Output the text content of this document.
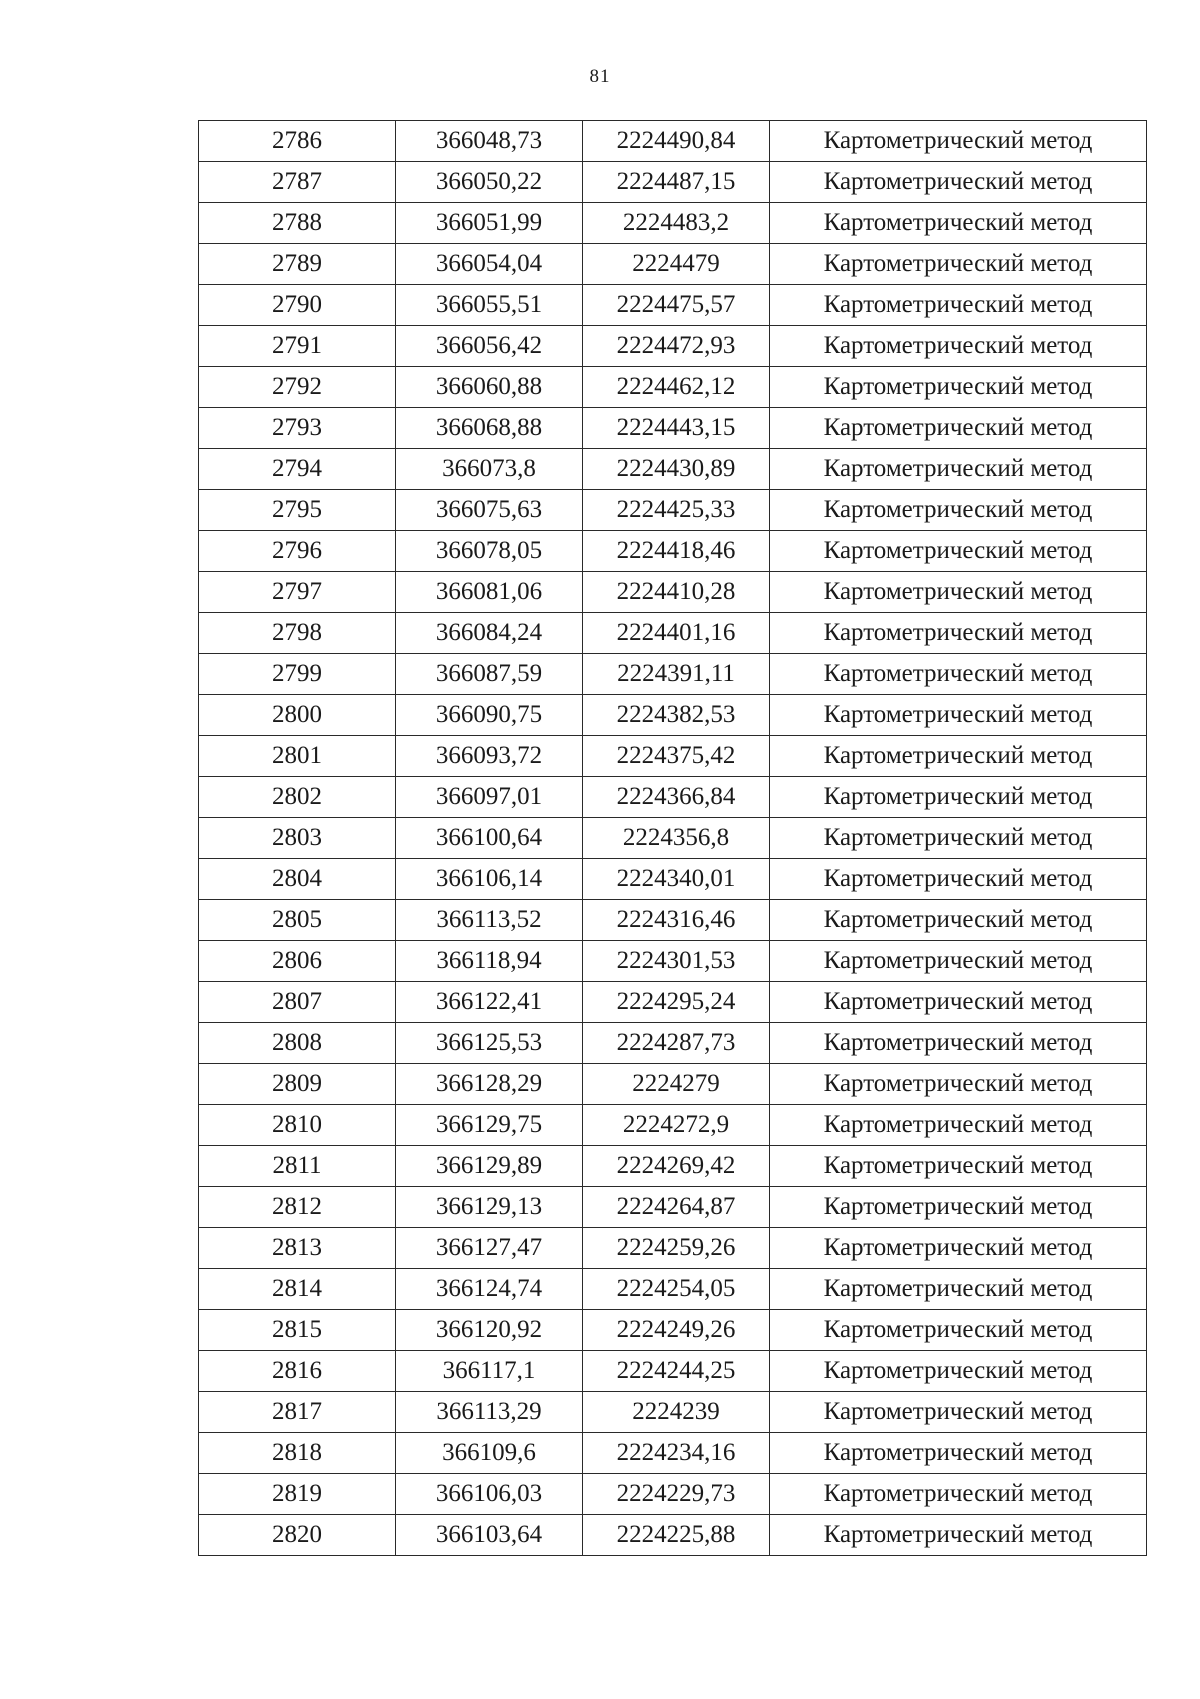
81
2786	366048,73	2224490,84	Картометрический метод
2787	366050,22	2224487,15	Картометрический метод
2788	366051,99	2224483,2	Картометрический метод
2789	366054,04	2224479	Картометрический метод
2790	366055,51	2224475,57	Картометрический метод
2791	366056,42	2224472,93	Картометрический метод
2792	366060,88	2224462,12	Картометрический метод
2793	366068,88	2224443,15	Картометрический метод
2794	366073,8	2224430,89	Картометрический метод
2795	366075,63	2224425,33	Картометрический метод
2796	366078,05	2224418,46	Картометрический метод
2797	366081,06	2224410,28	Картометрический метод
2798	366084,24	2224401,16	Картометрический метод
2799	366087,59	2224391,11	Картометрический метод
2800	366090,75	2224382,53	Картометрический метод
2801	366093,72	2224375,42	Картометрический метод
2802	366097,01	2224366,84	Картометрический метод
2803	366100,64	2224356,8	Картометрический метод
2804	366106,14	2224340,01	Картометрический метод
2805	366113,52	2224316,46	Картометрический метод
2806	366118,94	2224301,53	Картометрический метод
2807	366122,41	2224295,24	Картометрический метод
2808	366125,53	2224287,73	Картометрический метод
2809	366128,29	2224279	Картометрический метод
2810	366129,75	2224272,9	Картометрический метод
2811	366129,89	2224269,42	Картометрический метод
2812	366129,13	2224264,87	Картометрический метод
2813	366127,47	2224259,26	Картометрический метод
2814	366124,74	2224254,05	Картометрический метод
2815	366120,92	2224249,26	Картометрический метод
2816	366117,1	2224244,25	Картометрический метод
2817	366113,29	2224239	Картометрический метод
2818	366109,6	2224234,16	Картометрический метод
2819	366106,03	2224229,73	Картометрический метод
2820	366103,64	2224225,88	Картометрический метод
